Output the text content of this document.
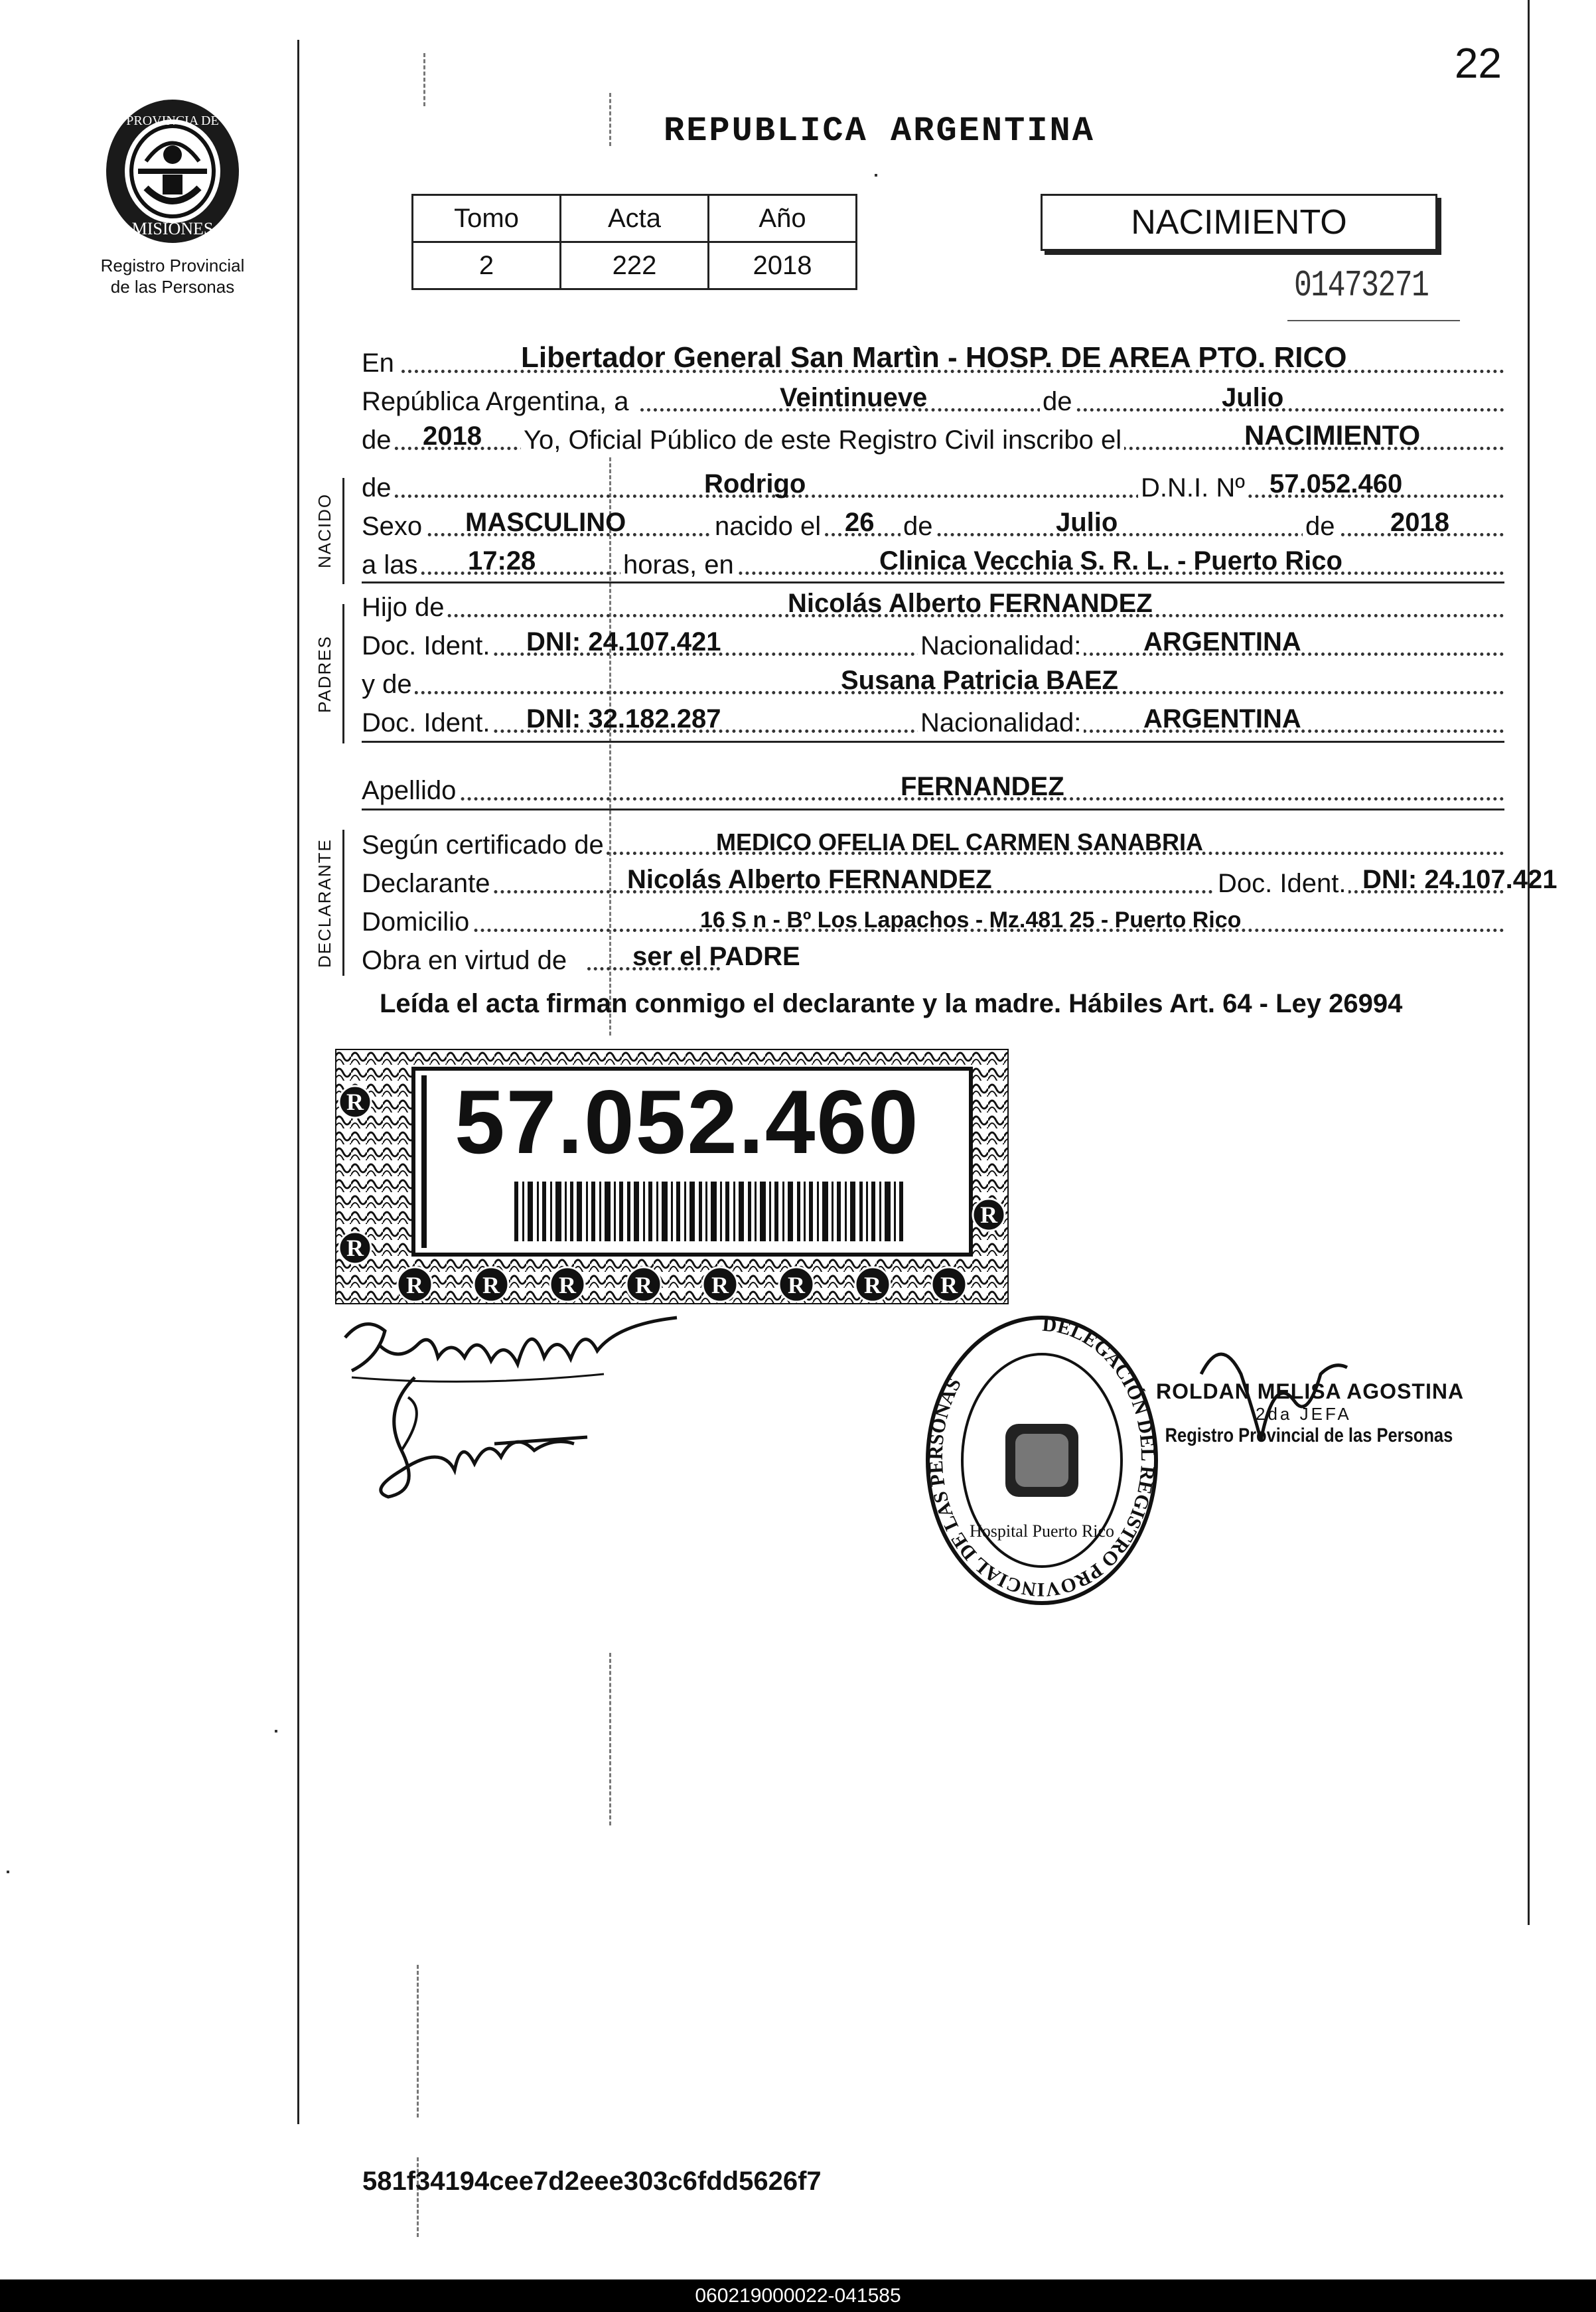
22
PROVINCIA DE
MISIONES
Registro Provincial
de las Personas
REPUBLICA ARGENTINA
Tomo	Acta	Año
2	222	2018
NACIMIENTO
01473271
En	Libertador General San Martìn - HOSP. DE AREA PTO. RICO
República Argentina, a	Veintinueve	de	Julio
de 2018 Yo, Oficial Público de este Registro Civil inscribo el	NACIMIENTO
NACIDO
de	Rodrigo	D.N.I. Nº 57.052.460
Sexo MASCULINO	nacido el 26 de	Julio	de 2018
a las 17:28	horas, en	Clinica Vecchia S. R. L. - Puerto Rico
PADRES
Hijo de	Nicolás Alberto FERNANDEZ
Doc. Ident. DNI: 24.107.421	Nacionalidad: ARGENTINA
y de	Susana Patricia BAEZ
Doc. Ident. DNI: 32.182.287	Nacionalidad: ARGENTINA
Apellido	FERNANDEZ
DECLARANTE Según certificado de	MEDICO OFELIA DEL CARMEN SANABRIA
Declarante	Nicolás Alberto FERNANDEZ	Doc. Ident. DNI: 24.107.421
Domicilio	16 S n - Bº Los Lapachos - Mz.481 25 - Puerto Rico
Obra en virtud de ser el PADRE
Leída el acta firman conmigo el declarante y la madre. Hábiles Art. 64 - Ley 26994
R R R R R R R R
R
R
R
57.052.460
DELEGACIÓN DEL REGISTRO PROVINCIAL DE LAS PERSONAS
Hospital Puerto Rico
ROLDAN MELISA AGOSTINA
2da JEFA
Registro Provincial de las Personas
581f34194cee7d2eee303c6fdd5626f7
060219000022-041585
